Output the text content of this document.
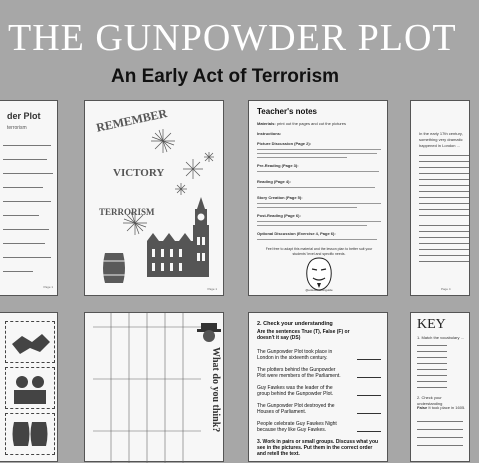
THE GUNPOWDER PLOT
An Early Act of Terrorism
der Plot
terrorism
Page 1
REMEMBER
VICTORY
TERRORISM
Page 1
Teacher's notes
Materials: print out the pages and cut the pictures
Instructions:
Picture Discussion (Page 2):
Pre-Reading (Page 3):
Reading (Page 4):
Story Creation (Page 5):
Post-Reading (Page 6):
Optional Discussion (Exercise 4, Page 6):
Feel free to adapt this material and the lesson plan to better suit your students' level and specific needs.
@esleducationguide
In the early 17th century, something very dramatic happened in London ...
Page 4
What do you think?
2. Check your understanding
Are the sentences True (T), False (F) or doesn't it say (DS)
The Gunpowder Plot took place in London in the sixteenth century.
The plotters behind the Gunpowder Plot were members of the Parliament.
Guy Fawkes was the leader of the group behind the Gunpowder Plot.
The Gunpowder Plot destroyed the Houses of Parliament.
People celebrate Guy Fawkes Night because they like Guy Fawkes.
3. Work in pairs or small groups. Discuss what you see in the pictures. Put them in the correct order and retell the text.
KEY
1. Match the vocabulary ...
2. Check your understanding
False It took place in 1605.
